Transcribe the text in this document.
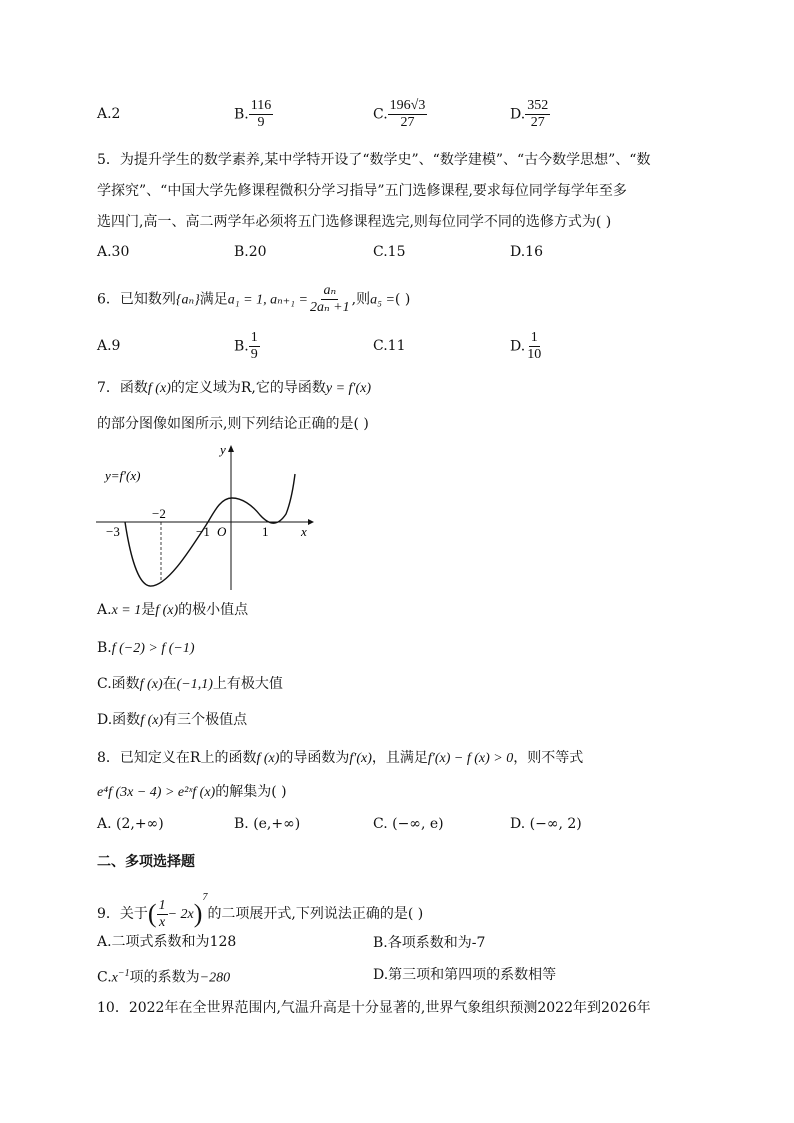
A.2	B. $\frac{116}{9}$	C. $\frac{196√3}{27}$	D. $\frac{352}{27}$
5．为提升学生的数学素养,某中学特开设了“数学史”、“数学建模”、“古今数学思想”、“数
学探究”、“中国大学先修课程微积分学习指导”五门选修课程,要求每位同学每学年至多
选四门,高一、高二两学年必须将五门选修课程选完,则每位同学不同的选修方式为( )
A.30	B.20	C.15	D.16
6．已知数列{aₙ}满足a₁ = 1, $a_{n+1} = \frac{\text{aₙ}}{\text{2aₙ +1}}$ ,则a₅ =( )
A.9	B. $\frac{1}{9}$	C.11	D. $\frac{1}{10}$
7．函数f (x)的定义域为R,它的导函数y = f′(x)
的部分图像如图所示,则下列结论正确的是( )
y=f′(x)
y
x
O
−3
−2
−1	1
A.x = 1是f (x)的极小值点
B.f (−2) > f (−1)
C.函数f (x)在(−1,1)上有极大值
D.函数f (x)有三个极值点
8．已知定义在R上的函数f (x)的导函数为f′(x)，且满足f′(x) − f (x) > 0，则不等式
e⁴f (3x − 4) > e²ˣf (x)的解集为( )
A. (2,+∞)	B. (e,+∞)	C. (−∞, e)	D. (−∞, 2)
二、多项选择题
9．关于( $\frac{1}{x} - 2x)^7$的二项展开式,下列说法正确的是( )
A.二项式系数和为128	B.各项系数和为-7
$C.x^{-1}$项的系数为−280	D.第三项和第四项的系数相等
10．2022年在全世界范围内,气温升高是十分显著的,世界气象组织预测2022年到2026年
